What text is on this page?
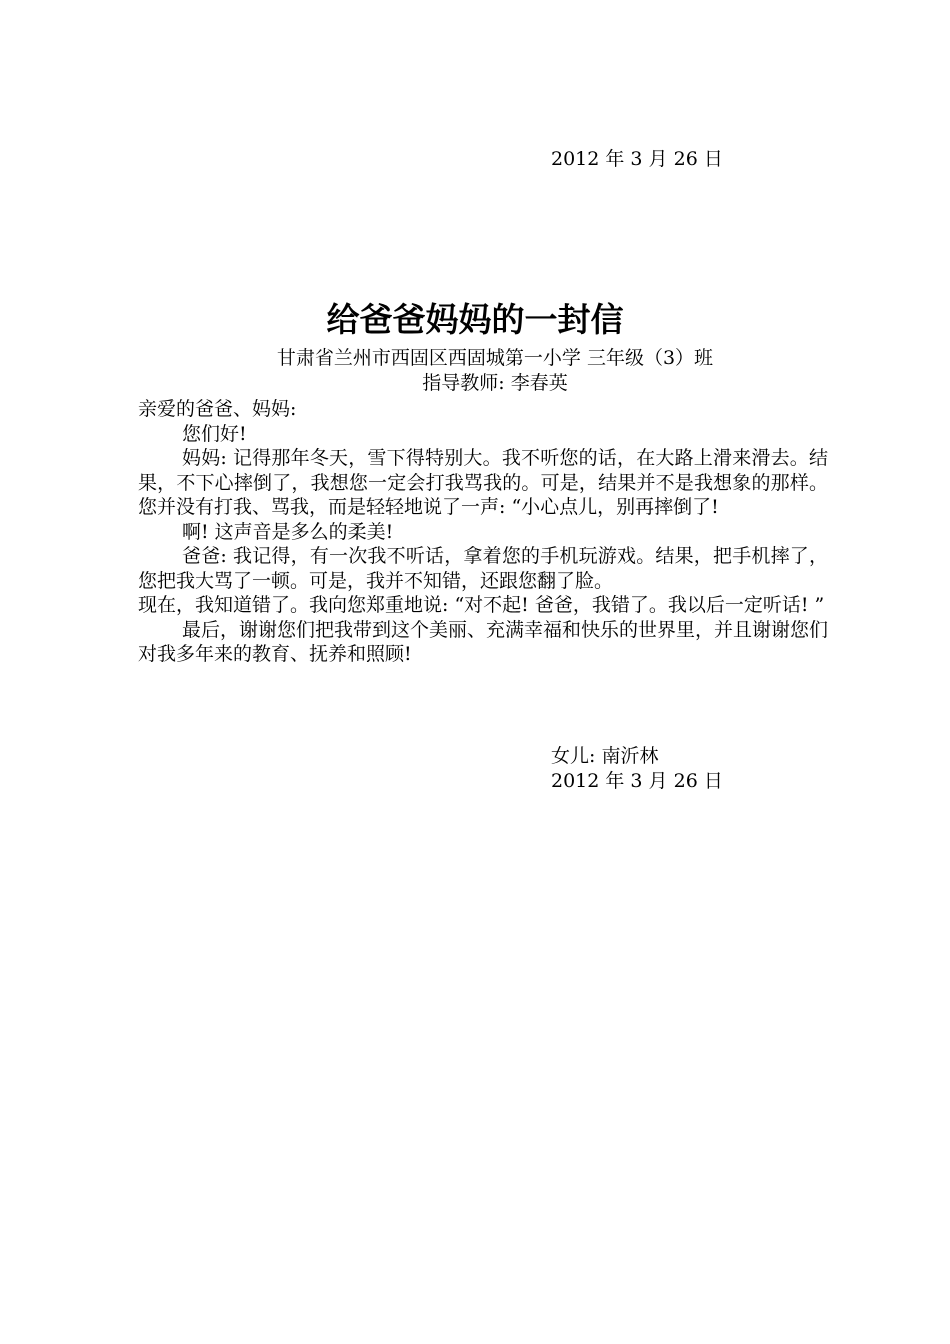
2012 年 3 月 26 日
给爸爸妈妈的一封信
甘肃省兰州市西固区西固城第一小学 三年级（3）班
指导教师: 李春英

亲爱的爸爸、妈妈:

您们好!

妈妈: 记得那年冬天，雪下得特别大。我不听您的话，在大路上滑来滑去。结果，不下心摔倒了，我想您一定会打我骂我的。可是，结果并不是我想象的那样。您并没有打我、骂我，而是轻轻地说了一声: “小心点儿，别再摔倒了!

啊! 这声音是多么的柔美!

爸爸: 我记得，有一次我不听话，拿着您的手机玩游戏。结果，把手机摔了，您把我大骂了一顿。可是，我并不知错，还跟您翻了脸。

现在，我知道错了。我向您郑重地说: “对不起! 爸爸，我错了。我以后一定听话! ”

最后，谢谢您们把我带到这个美丽、充满幸福和快乐的世界里，并且谢谢您们对我多年来的教育、抚养和照顾!

女儿: 南沂林
2012 年 3 月 26 日
